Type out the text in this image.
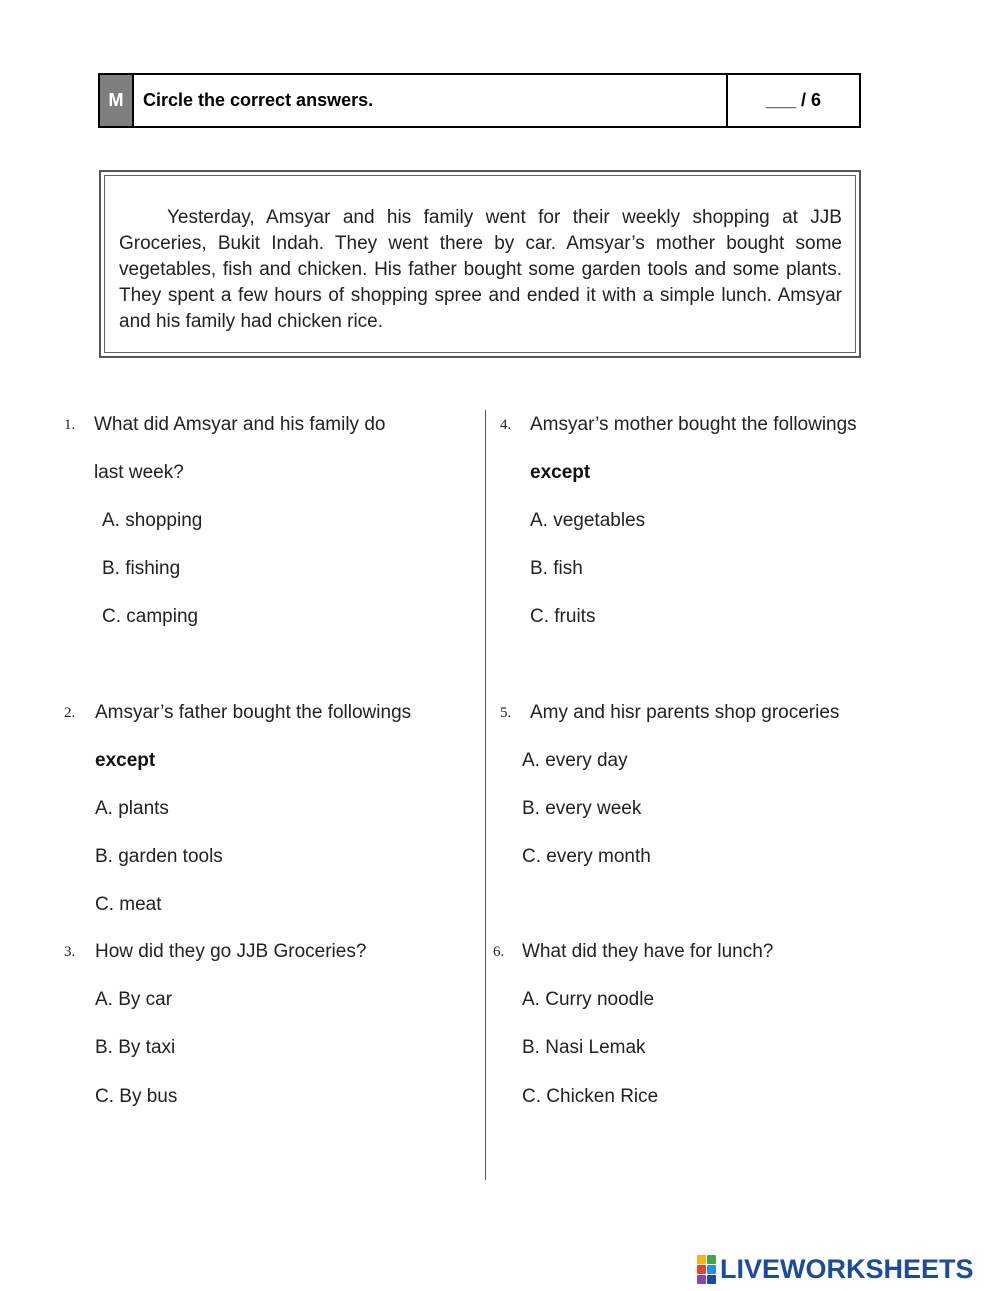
M	Circle the correct answers.	___ / 6

Yesterday, Amsyar and his family went for their weekly shopping at JJB Groceries, Bukit Indah. They went there by car. Amsyar’s mother bought some vegetables, fish and chicken. His father bought some garden tools and some plants. They spent a few hours of shopping spree and ended it with a simple lunch. Amsyar and his family had chicken rice.

1. What did Amsyar and his family do
last week?
A. shopping
B. fishing
C. camping
2. Amsyar’s father bought the followings
except
A. plants
B. garden tools
C. meat
3. How did they go JJB Groceries?
A. By car
B. By taxi
C. By bus
4. Amsyar’s mother bought the followings
except
A. vegetables
B. fish
C. fruits
5. Amy and hisr parents shop groceries
A. every day
B. every week
C. every month
6. What did they have for lunch?
A. Curry noodle
B. Nasi Lemak
C. Chicken Rice
LIVEWORKSHEETS
